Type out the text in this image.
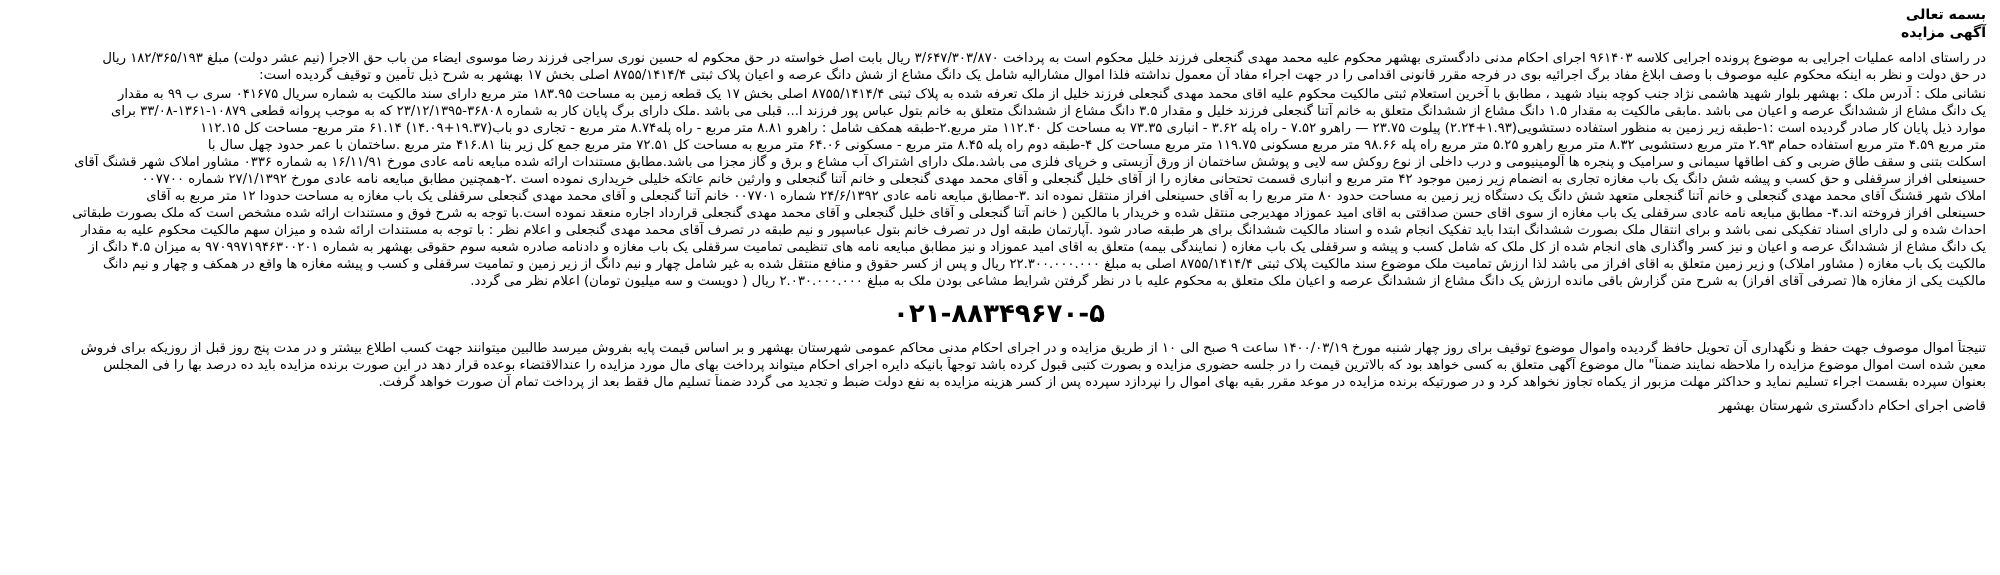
بسمه تعالی
آگهی مزایده
در راستای ادامه عملیات اجرایی به موضوع پرونده اجرایی کلاسه ۹۶۱۴۰۳ اجرای احکام مدنی دادگستری بهشهر محکوم علیه محمد مهدی گنجعلی فرزند خلیل محکوم است به پرداخت ۳/۶۴۷/۳۰۳/۸۷۰ ریال بابت اصل خواسته در حق محکوم له حسین نوری سراجی فرزند رضا موسوی ایضاء من باب حق الاجرا (نیم عشر دولت) مبلغ ۱۸۲/۳۶۵/۱۹۳ ریال
در حق دولت و نظر به اینکه محکوم علیه موصوف با وصف ابلاغ مفاد برگ اجرائیه بوی در فرجه مقرر قانونی اقدامی را در جهت اجراء مفاد آن معمول نداشته فلذا اموال مشارالیه شامل یک دانگ مشاع از شش دانگ عرصه و اعیان پلاک ثبتی ۸۷۵۵/۱۴۱۴/۴ اصلی بخش ۱۷ بهشهر به شرح ذیل تأمین و توقیف گردیده است:
نشانی ملک : آدرس ملک : بهشهر بلوار شهید هاشمی نژاد جنب کوچه بنیاد شهید ، مطابق با آخرین استعلام ثبتی مالکیت محکوم علیه اقای محمد مهدی گنجعلی فرزند خلیل از ملک تعرفه شده به پلاک ثبتی ۸۷۵۵/۱۴۱۴/۴ اصلی بخش ۱۷ یک قطعه زمین به مساحت ۱۸۳.۹۵ متر مربع دارای سند مالکیت به شماره سریال ۰۴۱۶۷۵ سری ب ۹۹ به مقدار
یک دانگ مشاع از ششدانگ عرصه و اعیان می باشد .مابقی مالکیت به مقدار ۱.۵ دانگ مشاع از ششدانگ متعلق به خانم آتنا گنجعلی فرزند خلیل و مقدار ۳.۵ دانگ مشاع از ششدانگ متعلق به خانم بتول عباس پور فرزند ا... قبلی می باشد .ملک دارای برگ پایان کار به شماره ۳۶۸۰۸-۲۳/۱۲/۱۳۹۵ که به موجب پروانه قطعی ۱۰۸۷۹-۱۳۶۱-۳۳/۰۸ برای
موارد ذیل پایان کار صادر گردیده است :۱-طبقه زیر زمین به منظور استفاده دستشویی(۱.۹۳+۲.۲۴) پیلوت ۲۳.۷۵ — راهرو ۷.۵۲ - راه پله ۳.۶۲ - انباری ۷۳.۳۵ به مساحت کل ۱۱۲.۴۰ متر مربع.۲-طبقه همکف شامل : راهرو ۸.۸۱ متر مربع - راه پله۸.۷۴ متر مربع - تجاری دو باب(۱۹.۳۷+۱۴.۰۹) ۶۱.۱۴ متر مربع- مساحت کل ۱۱۲.۱۵
متر مربع ۴.۵۹ متر مربع استفاده حمام ۲.۹۳ متر مربع دستشویی ۸.۳۲ متر مربع راهرو ۵.۲۵ متر مربع راه پله ۹۸.۶۶ متر مربع مسکونی ۱۱۹.۷۵ متر مربع مساحت کل ۴-طبقه دوم راه پله ۸.۴۵ متر مربع - مسکونی ۶۴.۰۶ متر مربع به مساحت کل ۷۲.۵۱ متر مربع جمع کل زیر بنا ۴۱۶.۸۱ متر مربع .ساختمان با عمر حدود چهل سال با
اسکلت بتنی و سقف طاق ضربی و کف اطاقها سیمانی و سرامیک و پنجره ها آلومینیومی و درب داخلی از نوع روکش سه لایی و پوشش ساختمان از ورق آزبستی و خرپای فلزی می باشد.ملک دارای اشتراک آب مشاع و برق و گاز مجزا می باشد.مطابق مستندات ارائه شده مبایعه نامه عادی مورخ ۱۶/۱۱/۹۱ به شماره ۰۳۳۶ مشاور املاک شهر قشنگ آقای
حسینعلی افراز سرقفلی و حق کسب و پیشه شش دانگ یک باب مغازه تجاری به انضمام زیر زمین موجود ۴۲ متر مربع و انباری قسمت تحتحانی مغازه را از آقای خلیل گنجعلی و آقای محمد مهدی گنجعلی و خانم آتنا گنجعلی و وارثین خانم عاتکه خلیلی خریداری نموده است .۲-همچنین مطابق مبایعه نامه عادی مورخ ۲۷/۱/۱۳۹۲ شماره ۰۰۷۷۰۰
املاک شهر قشنگ آقای محمد مهدی گنجعلی و خانم آتنا گنجعلی متعهد شش دانگ یک دستگاه زیر زمین به مساحت حدود ۸۰ متر مربع را به آقای حسینعلی افراز منتقل نموده اند .۳-مطابق مبایعه نامه عادی ۲۴/۶/۱۳۹۲ شماره ۰۰۷۷۰۱ خانم آتنا گنجعلی و آقای محمد مهدی گنجعلی سرقفلی یک باب مغازه به مساحت حدودا ۱۲ متر مربع به آقای
حسینعلی افراز فروخته اند.۴- مطابق مبایعه نامه عادی سرقفلی یک باب مغازه از سوی اقای حسن صداقتی به اقای امید عموزاد مهدیرجی منتقل شده و خریدار با مالکین ( خانم آتنا گنجعلی و آقای خلیل گنجعلی و آقای محمد مهدی گنجعلی قرارداد اجاره منعقد نموده است.با توجه به شرح فوق و مستندات ارائه شده مشخص است که ملک بصورت طبقاتی
احداث شده و لی دارای اسناد تفکیکی نمی باشد و برای انتقال ملک بصورت ششدانگ ابتدا باید تفکیک انجام شده و اسناد مالکیت ششدانگ برای هر طبقه صادر شود .آپارتمان طبقه اول در تصرف خانم بتول عباسپور و نیم طبقه در تصرف آقای محمد مهدی گنجعلی و اعلام نظر : با توجه به مستندات ارائه شده و میزان سهم مالکیت محکوم علیه به مقدار
یک دانگ مشاع از ششدانگ عرصه و اعیان و نیز کسر واگذاری های انجام شده از کل ملک که شامل کسب و پیشه و سرقفلی یک باب مغازه ( نمایندگی بیمه) متعلق به اقای امید عموزاد و نیز مطابق مبایعه نامه های تنظیمی تمامیت سرقفلی یک باب مغازه و دادنامه صادره شعبه سوم حقوقی بهشهر به شماره ۹۷۰۹۹۷۱۹۴۶۳۰۰۲۰۱ به میزان ۴.۵ دانگ از
مالکیت یک باب مغازه ( مشاور املاک) و زیر زمین متعلق به اقای افراز می باشد لذا ارزش تمامیت ملک موضوع سند مالکیت پلاک ثبتی ۸۷۵۵/۱۴۱۴/۴ اصلی به مبلغ ۲۲.۳۰۰.۰۰۰.۰۰۰ ریال و پس از کسر حقوق و منافع منتقل شده به غیر شامل چهار و نیم دانگ از زیر زمین و تمامیت سرقفلی و کسب و پیشه مغازه ها واقع در همکف و چهار و نیم دانگ
مالکیت یکی از مغازه ها( تصرفی آقای افراز) به شرح متن گزارش باقی مانده ارزش یک دانگ مشاع از ششدانگ عرصه و اعیان ملک متعلق به محکوم علیه با در نظر گرفتن شرایط مشاعی بودن ملک به مبلغ ۲.۰۳۰.۰۰۰.۰۰۰ ریال ( دویست و سه میلیون تومان) اعلام نظر می گردد.
۰۲۱-۸۸۳۴۹۶۷۰-۵
تنیجتاً اموال موصوف جهت حفظ و نگهداری آن تحویل حافظ گردیده واموال موضوع توقیف برای روز چهار شنبه مورخ ۱۴۰۰/۰۳/۱۹ ساعت ۹ صبح الی ۱۰ از طریق مزایده و در اجرای احکام مدنی محاکم عمومی شهرستان بهشهر و بر اساس قیمت پایه بفروش میرسد طالبین میتوانند جهت کسب اطلاع بیشتر و در مدت پنج روز قبل از روزیکه برای فروش
معین شده است اموال موضوع مزایده را ملاحظه نمایند ضمناً" مال موضوع آگهی متعلق به کسی خواهد بود که بالاترین قیمت را در جلسه حضوری مزایده و بصورت کتبی قبول کرده باشد توجهاً بانیکه دایره اجرای احکام میتواند پرداخت بهای مال مورد مزایده را عندالاقتضاء بوعده قرار دهد در این صورت برنده مزایده باید ده درصد بها را فی المجلس
بعنوان سپرده بقسمت اجراء تسلیم نماید و حداکثر مهلت مزبور از یکماه تجاوز نخواهد کرد و در صورتیکه برنده مزایده در موعد مقرر بقیه بهای اموال را نپردازد سپرده پس از کسر هزینه مزایده به نفع دولت ضبط و تجدید می گردد ضمناً تسلیم مال فقط بعد از پرداخت تمام آن صورت خواهد گرفت.
قاضی اجرای احکام دادگستری شهرستان بهشهر
